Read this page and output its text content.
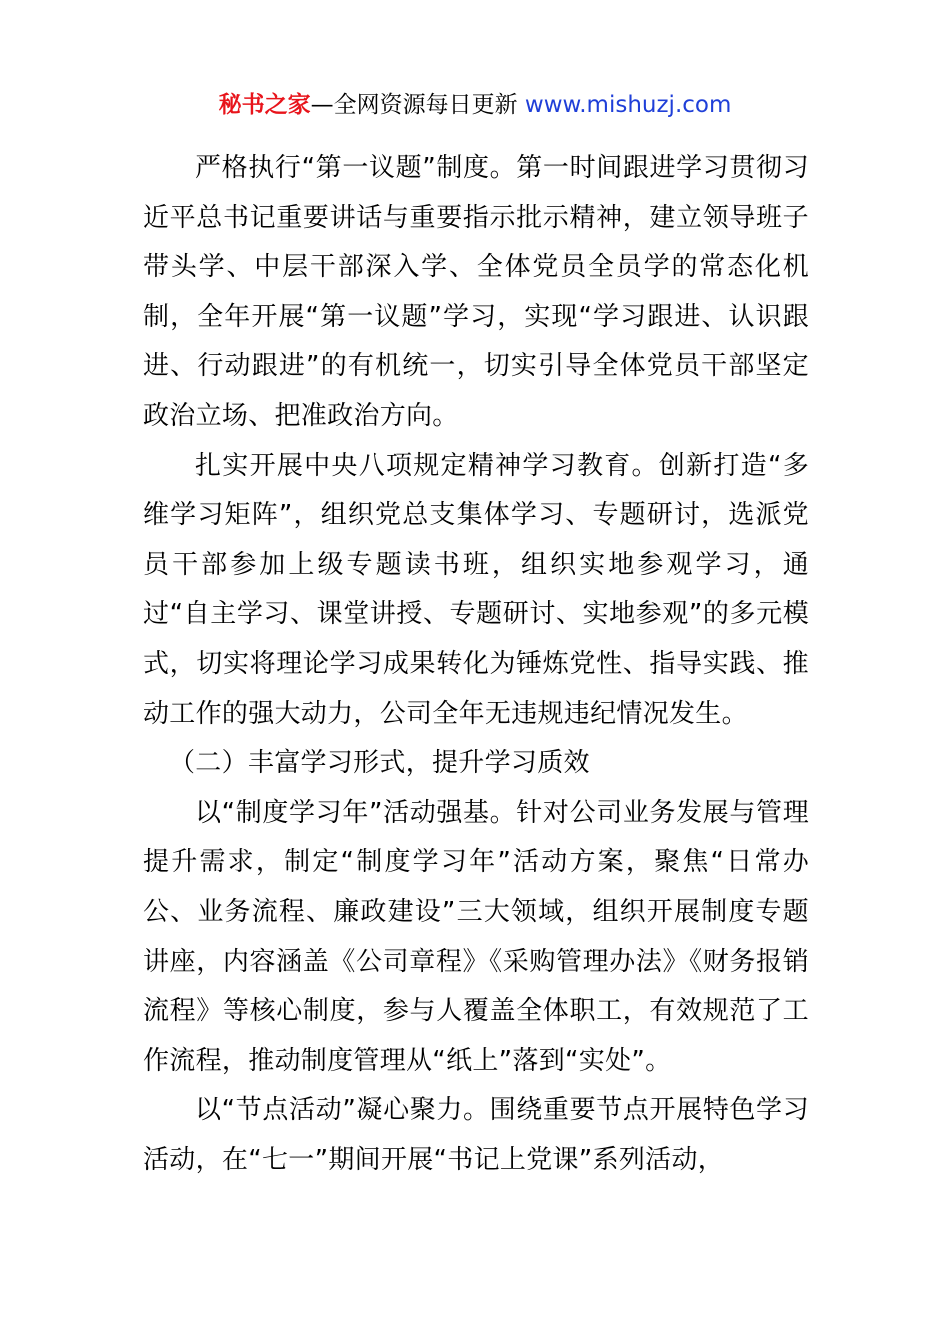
秘书之家—全网资源每日更新 www.mishuzj.com

严格执行“第一议题”制度。第一时间跟进学习贯彻习近平总书记重要讲话与重要指示批示精神，建立领导班子带头学、中层干部深入学、全体党员全员学的常态化机制，全年开展“第一议题”学习，实现“学习跟进、认识跟进、行动跟进”的有机统一，切实引导全体党员干部坚定政治立场、把准政治方向。

扎实开展中央八项规定精神学习教育。创新打造“多维学习矩阵”，组织党总支集体学习、专题研讨，选派党员干部参加上级专题读书班，组织实地参观学习，通过“自主学习、课堂讲授、专题研讨、实地参观”的多元模式，切实将理论学习成果转化为锤炼党性、指导实践、推动工作的强大动力，公司全年无违规违纪情况发生。

（二）丰富学习形式，提升学习质效

以“制度学习年”活动强基。针对公司业务发展与管理提升需求，制定“制度学习年”活动方案，聚焦“日常办公、业务流程、廉政建设”三大领域，组织开展制度专题讲座，内容涵盖《公司章程》《采购管理办法》《财务报销流程》等核心制度，参与人覆盖全体职工，有效规范了工作流程，推动制度管理从“纸上”落到“实处”。

以“节点活动”凝心聚力。围绕重要节点开展特色学习活动，在“七一”期间开展“书记上党课”系列活动，
